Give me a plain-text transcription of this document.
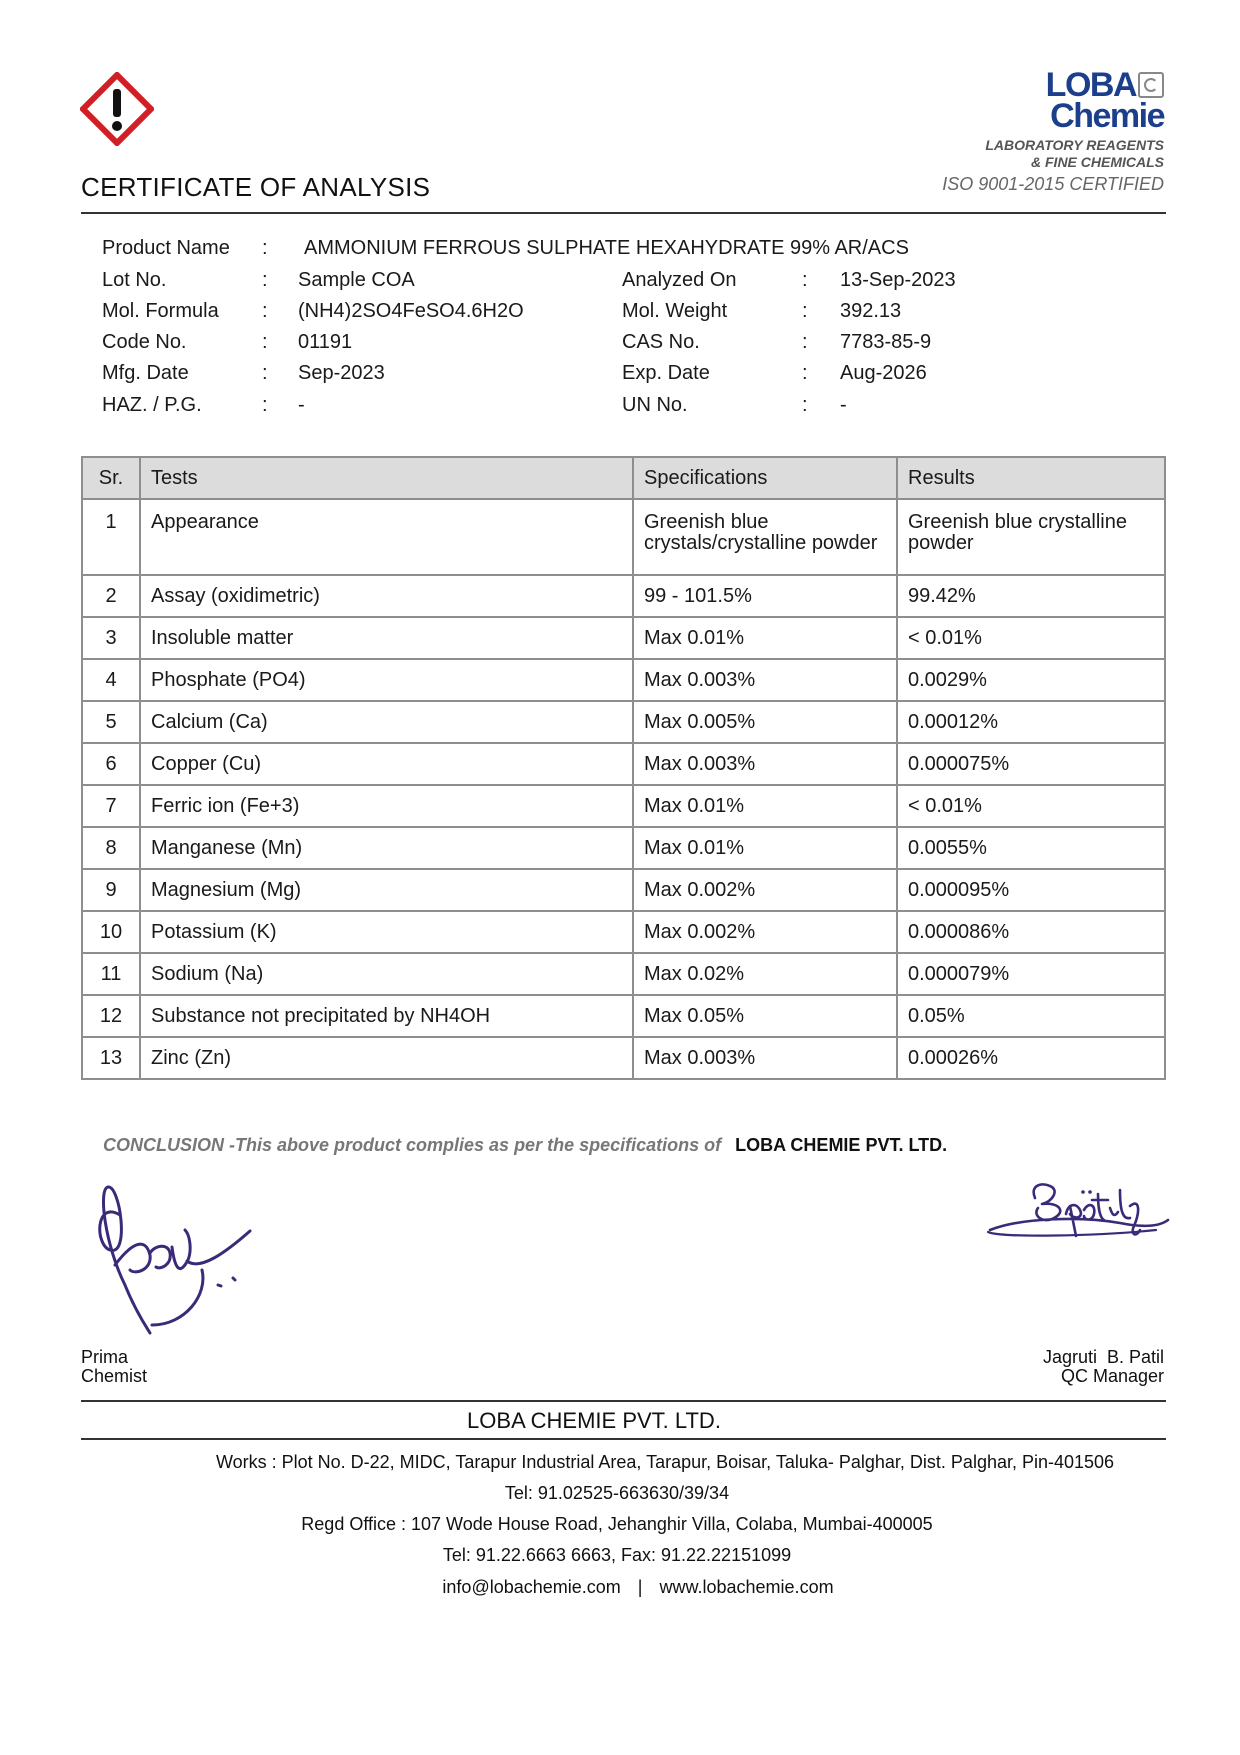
CERTIFICATE OF ANALYSIS
LOBA
Chemie
LABORATORY REAGENTS
& FINE CHEMICALS
ISO 9001-2015 CERTIFIED
Product Name : AMMONIUM FERROUS SULPHATE HEXAHYDRATE 99% AR/ACS
Lot No.	: Sample COA	Analyzed On	: 13-Sep-2023
Mol. Formula : (NH4)2SO4FeSO4.6H2O	Mol. Weight	: 392.13
Code No.	: 01191	CAS No.	: 7783-85-9
Mfg. Date	: Sep-2023	Exp. Date	: Aug-2026
HAZ. / P.G.	: -	UN No.	: -
Sr.	Tests	Specifications	Results
1	Appearance	Greenish blue crystals/crystalline powder	Greenish blue crystalline powder
2	Assay (oxidimetric)	99 - 101.5%	99.42%
3	Insoluble matter	Max 0.01%	< 0.01%
4	Phosphate (PO4)	Max 0.003%	0.0029%
5	Calcium (Ca)	Max 0.005%	0.00012%
6	Copper (Cu)	Max 0.003%	0.000075%
7	Ferric ion (Fe+3)	Max 0.01%	< 0.01%
8	Manganese (Mn)	Max 0.01%	0.0055%
9	Magnesium (Mg)	Max 0.002%	0.000095%
10	Potassium (K)	Max 0.002%	0.000086%
11	Sodium (Na)	Max 0.02%	0.000079%
12	Substance not precipitated by NH4OH	Max 0.05%	0.05%
13	Zinc (Zn)	Max 0.003%	0.00026%
CONCLUSION -This above product complies as per the specifications of LOBA CHEMIE PVT. LTD.
Prima
Chemist
Jagruti  B. Patil
QC Manager
LOBA CHEMIE PVT. LTD.
Works : Plot No. D-22, MIDC, Tarapur Industrial Area, Tarapur, Boisar, Taluka- Palghar, Dist. Palghar, Pin-401506
Tel: 91.02525-663630/39/34
Regd Office : 107 Wode House Road, Jehanghir Villa, Colaba, Mumbai-400005
Tel: 91.22.6663 6663, Fax: 91.22.22151099
info@lobachemie.com | www.lobachemie.com
